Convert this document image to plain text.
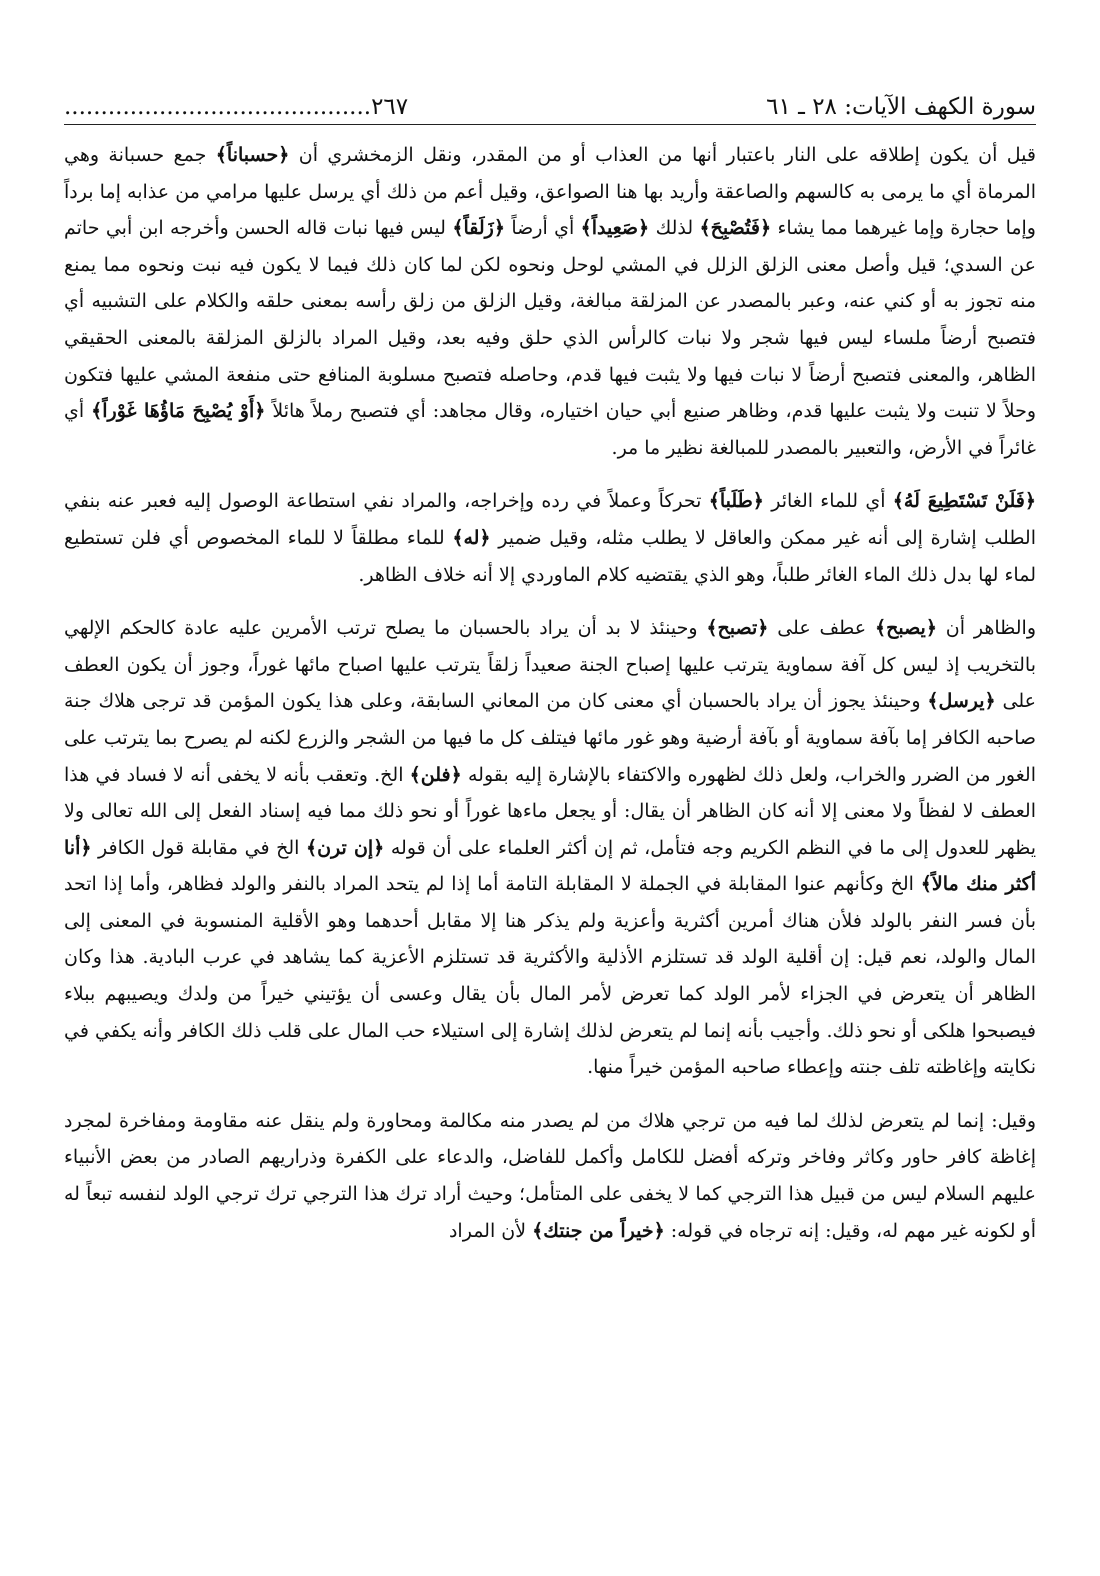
سورة الكهف الآيات: ٢٨ ـ ٦١
..........................................٢٦٧

قيل أن يكون إطلاقه على النار باعتبار أنها من العذاب أو من المقدر، ونقل الزمخشري أن ﴿حسباناً﴾ جمع حسبانة وهي المرماة أي ما يرمى به كالسهم والصاعقة وأريد بها هنا الصواعق، وقيل أعم من ذلك أي يرسل عليها مرامي من عذابه إما برداً وإما حجارة وإما غيرهما مما يشاء ﴿فَتُصْبِحَ﴾ لذلك ﴿صَعِيداً﴾ أي أرضاً ﴿زَلَقاً﴾ ليس فيها نبات قاله الحسن وأخرجه ابن أبي حاتم عن السدي؛ قيل وأصل معنى الزلق الزلل في المشي لوحل ونحوه لكن لما كان ذلك فيما لا يكون فيه نبت ونحوه مما يمنع منه تجوز به أو كني عنه، وعبر بالمصدر عن المزلقة مبالغة، وقيل الزلق من زلق رأسه بمعنى حلقه والكلام على التشبيه أي فتصبح أرضاً ملساء ليس فيها شجر ولا نبات كالرأس الذي حلق وفيه بعد، وقيل المراد بالزلق المزلقة بالمعنى الحقيقي الظاهر، والمعنى فتصبح أرضاً لا نبات فيها ولا يثبت فيها قدم، وحاصله فتصبح مسلوبة المنافع حتى منفعة المشي عليها فتكون وحلاً لا تنبت ولا يثبت عليها قدم، وظاهر صنيع أبي حيان اختياره، وقال مجاهد: أي فتصبح رملاً هائلاً ﴿أَوْ يُصْبِحَ مَاؤُهَا غَوْراً﴾ أي غائراً في الأرض، والتعبير بالمصدر للمبالغة نظير ما مر.

﴿فَلَنْ تَسْتَطِيعَ لَهُ﴾ أي للماء الغائر ﴿طَلَباً﴾ تحركاً وعملاً في رده وإخراجه، والمراد نفي استطاعة الوصول إليه فعبر عنه بنفي الطلب إشارة إلى أنه غير ممكن والعاقل لا يطلب مثله، وقيل ضمير ﴿له﴾ للماء مطلقاً لا للماء المخصوص أي فلن تستطيع لماء لها بدل ذلك الماء الغائر طلباً، وهو الذي يقتضيه كلام الماوردي إلا أنه خلاف الظاهر.

والظاهر أن ﴿يصبح﴾ عطف على ﴿تصبح﴾ وحينئذ لا بد أن يراد بالحسبان ما يصلح ترتب الأمرين عليه عادة كالحكم الإلهي بالتخريب إذ ليس كل آفة سماوية يترتب عليها إصباح الجنة صعيداً زلقاً يترتب عليها اصباح مائها غوراً، وجوز أن يكون العطف على ﴿يرسل﴾ وحينئذ يجوز أن يراد بالحسبان أي معنى كان من المعاني السابقة، وعلى هذا يكون المؤمن قد ترجى هلاك جنة صاحبه الكافر إما بآفة سماوية أو بآفة أرضية وهو غور مائها فيتلف كل ما فيها من الشجر والزرع لكنه لم يصرح بما يترتب على الغور من الضرر والخراب، ولعل ذلك لظهوره والاكتفاء بالإشارة إليه بقوله ﴿فلن﴾ الخ. وتعقب بأنه لا يخفى أنه لا فساد في هذا العطف لا لفظاً ولا معنى إلا أنه كان الظاهر أن يقال: أو يجعل ماءها غوراً أو نحو ذلك مما فيه إسناد الفعل إلى الله تعالى ولا يظهر للعدول إلى ما في النظم الكريم وجه فتأمل، ثم إن أكثر العلماء على أن قوله ﴿إن ترن﴾ الخ في مقابلة قول الكافر ﴿أنا أكثر منك مالاً﴾ الخ وكأنهم عنوا المقابلة في الجملة لا المقابلة التامة أما إذا لم يتحد المراد بالنفر والولد فظاهر، وأما إذا اتحد بأن فسر النفر بالولد فلأن هناك أمرين أكثرية وأعزية ولم يذكر هنا إلا مقابل أحدهما وهو الأقلية المنسوبة في المعنى إلى المال والولد، نعم قيل: إن أقلية الولد قد تستلزم الأذلية والأكثرية قد تستلزم الأعزية كما يشاهد في عرب البادية. هذا وكان الظاهر أن يتعرض في الجزاء لأمر الولد كما تعرض لأمر المال بأن يقال وعسى أن يؤتيني خيراً من ولدك ويصيبهم ببلاء فيصبحوا هلكى أو نحو ذلك. وأجيب بأنه إنما لم يتعرض لذلك إشارة إلى استيلاء حب المال على قلب ذلك الكافر وأنه يكفي في نكايته وإغاظته تلف جنته وإعطاء صاحبه المؤمن خيراً منها.

وقيل: إنما لم يتعرض لذلك لما فيه من ترجي هلاك من لم يصدر منه مكالمة ومحاورة ولم ينقل عنه مقاومة ومفاخرة لمجرد إغاظة كافر حاور وكاثر وفاخر وتركه أفضل للكامل وأكمل للفاضل، والدعاء على الكفرة وذراريهم الصادر من بعض الأنبياء عليهم السلام ليس من قبيل هذا الترجي كما لا يخفى على المتأمل؛ وحيث أراد ترك هذا الترجي ترك ترجي الولد لنفسه تبعاً له أو لكونه غير مهم له، وقيل: إنه ترجاه في قوله: ﴿خيراً من جنتك﴾ لأن المراد
